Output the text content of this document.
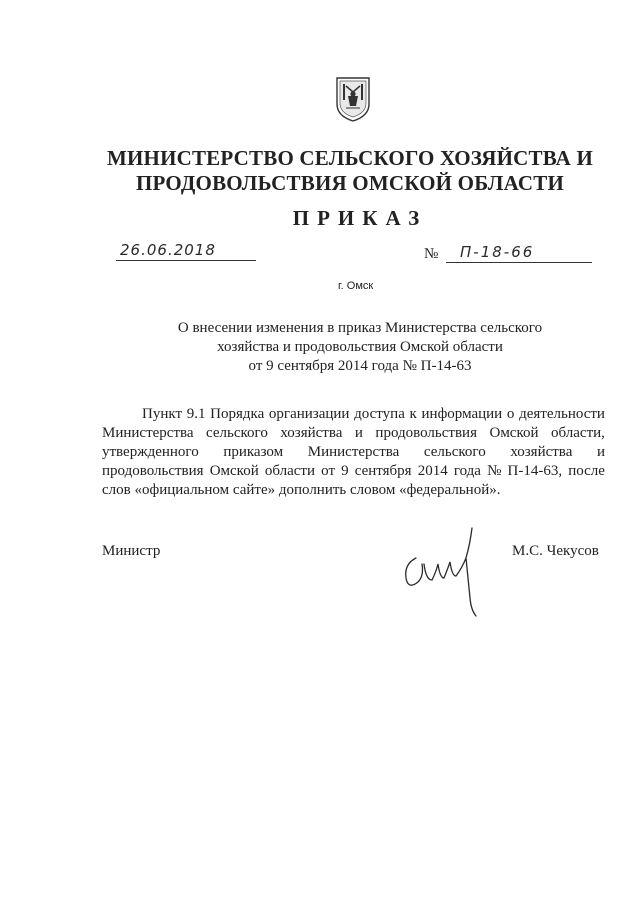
МИНИСТЕРСТВО СЕЛЬСКОГО ХОЗЯЙСТВА И
ПРОДОВОЛЬСТВИЯ ОМСКОЙ ОБЛАСТИ
ПРИКАЗ
26.06.2018	№ П-18-66
г. Омск
О внесении изменения в приказ Министерства сельского
хозяйства и продовольствия Омской области
от 9 сентября 2014 года № П-14-63
Пункт 9.1 Порядка организации доступа к информации о деятельности
Министерства сельского хозяйства и продовольствия Омской области,
утвержденного приказом Министерства сельского хозяйства и
продовольствия Омской области от 9 сентября 2014 года № П-14-63, после
слов «официальном сайте» дополнить словом «федеральной».
Министр	М.С. Чекусов
